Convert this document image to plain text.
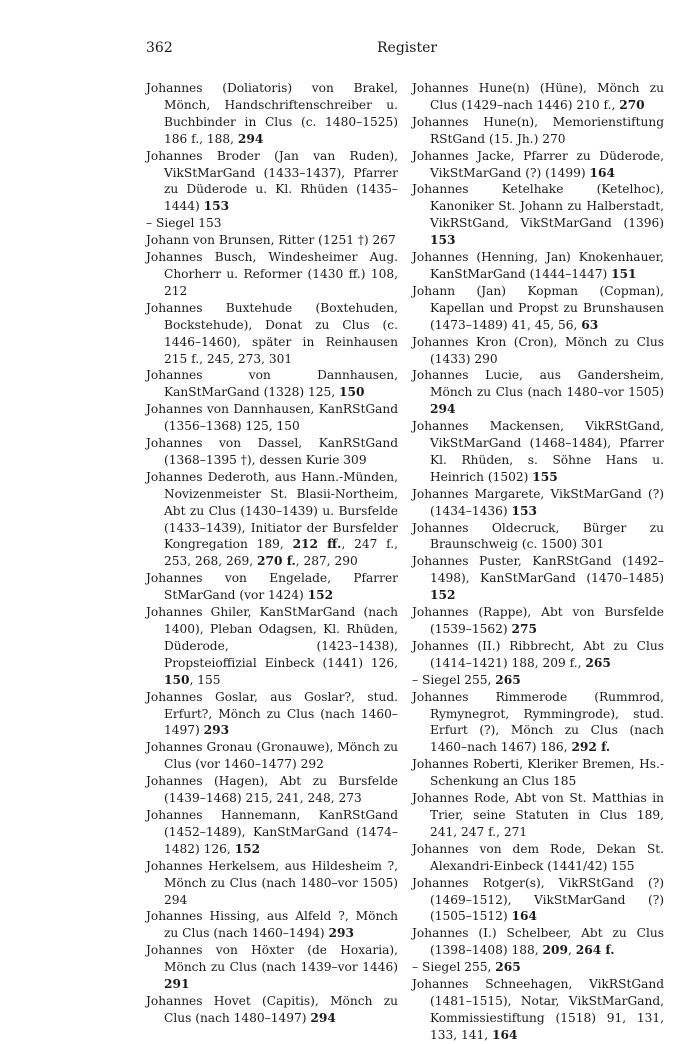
362	Register

Johannes (Doliatoris) von Brakel, Mönch, Handschriftenschreiber u. Buchbinder in Clus (c. 1480–1525) 186 f., 188, 294

Johannes Broder (Jan van Ruden), VikStMarGand (1433–1437), Pfarrer zu Düderode u. Kl. Rhüden (1435–1444) 153

– Siegel 153

Johann von Brunsen, Ritter (1251 †) 267

Johannes Busch, Windesheimer Aug. Chorherr u. Reformer (1430 ff.) 108, 212

Johannes Buxtehude (Boxtehuden, Bockstehude), Donat zu Clus (c. 1446–1460), später in Reinhausen 215 f., 245, 273, 301

Johannes von Dannhausen, KanStMarGand (1328) 125, 150

Johannes von Dannhausen, KanRStGand (1356–1368) 125, 150

Johannes von Dassel, KanRStGand (1368–1395 †), dessen Kurie 309

Johannes Dederoth, aus Hann.-Münden, Novizenmeister St. Blasii-Northeim, Abt zu Clus (1430–1439) u. Bursfelde (1433–1439), Initiator der Bursfelder Kongregation 189, 212 ff., 247 f., 253, 268, 269, 270 f., 287, 290

Johannes von Engelade, Pfarrer StMarGand (vor 1424) 152

Johannes Ghiler, KanStMarGand (nach 1400), Pleban Odagsen, Kl. Rhüden, Düderode, (1423–1438), Propsteioffizial Einbeck (1441) 126, 150, 155

Johannes Goslar, aus Goslar?, stud. Erfurt?, Mönch zu Clus (nach 1460–1497) 293

Johannes Gronau (Gronauwe), Mönch zu Clus (vor 1460–1477) 292

Johannes (Hagen), Abt zu Bursfelde (1439–1468) 215, 241, 248, 273

Johannes Hannemann, KanRStGand (1452–1489), KanStMarGand (1474–1482) 126, 152

Johannes Herkelsem, aus Hildesheim ?, Mönch zu Clus (nach 1480–vor 1505) 294

Johannes Hissing, aus Alfeld ?, Mönch zu Clus (nach 1460–1494) 293

Johannes von Höxter (de Hoxaria), Mönch zu Clus (nach 1439–vor 1446) 291

Johannes Hovet (Capitis), Mönch zu Clus (nach 1480–1497) 294

Johannes Hune(n) (Hüne), Mönch zu Clus (1429–nach 1446) 210 f., 270

Johannes Hune(n), Memorienstiftung RStGand (15. Jh.) 270

Johannes Jacke, Pfarrer zu Düderode, VikStMarGand (?) (1499) 164

Johannes Ketelhake (Ketelhoc), Kanoniker St. Johann zu Halberstadt, VikRStGand, VikStMarGand (1396) 153

Johannes (Henning, Jan) Knokenhauer, KanStMarGand (1444–1447) 151

Johann (Jan) Kopman (Copman), Kapellan und Propst zu Brunshausen (1473–1489) 41, 45, 56, 63

Johannes Kron (Cron), Mönch zu Clus (1433) 290

Johannes Lucie, aus Gandersheim, Mönch zu Clus (nach 1480–vor 1505) 294

Johannes Mackensen, VikRStGand, VikStMarGand (1468–1484), Pfarrer Kl. Rhüden, s. Söhne Hans u. Heinrich (1502) 155

Johannes Margarete, VikStMarGand (?) (1434–1436) 153

Johannes Oldecruck, Bürger zu Braunschweig (c. 1500) 301

Johannes Puster, KanRStGand (1492–1498), KanStMarGand (1470–1485) 152

Johannes (Rappe), Abt von Bursfelde (1539–1562) 275

Johannes (II.) Ribbrecht, Abt zu Clus (1414–1421) 188, 209 f., 265

– Siegel 255, 265

Johannes Rimmerode (Rummrod, Rymynegrot, Rymmingrode), stud. Erfurt (?), Mönch zu Clus (nach 1460–nach 1467) 186, 292 f.

Johannes Roberti, Kleriker Bremen, Hs.-Schenkung an Clus 185

Johannes Rode, Abt von St. Matthias in Trier, seine Statuten in Clus 189, 241, 247 f., 271

Johannes von dem Rode, Dekan St. Alexandri-Einbeck (1441/42) 155

Johannes Rotger(s), VikRStGand (?) (1469–1512), VikStMarGand (?) (1505–1512) 164

Johannes (I.) Schelbeer, Abt zu Clus (1398–1408) 188, 209, 264 f.

– Siegel 255, 265

Johannes Schneehagen, VikRStGand (1481–1515), Notar, VikStMarGand, Kommissiestiftung (1518) 91, 131, 133, 141, 164
